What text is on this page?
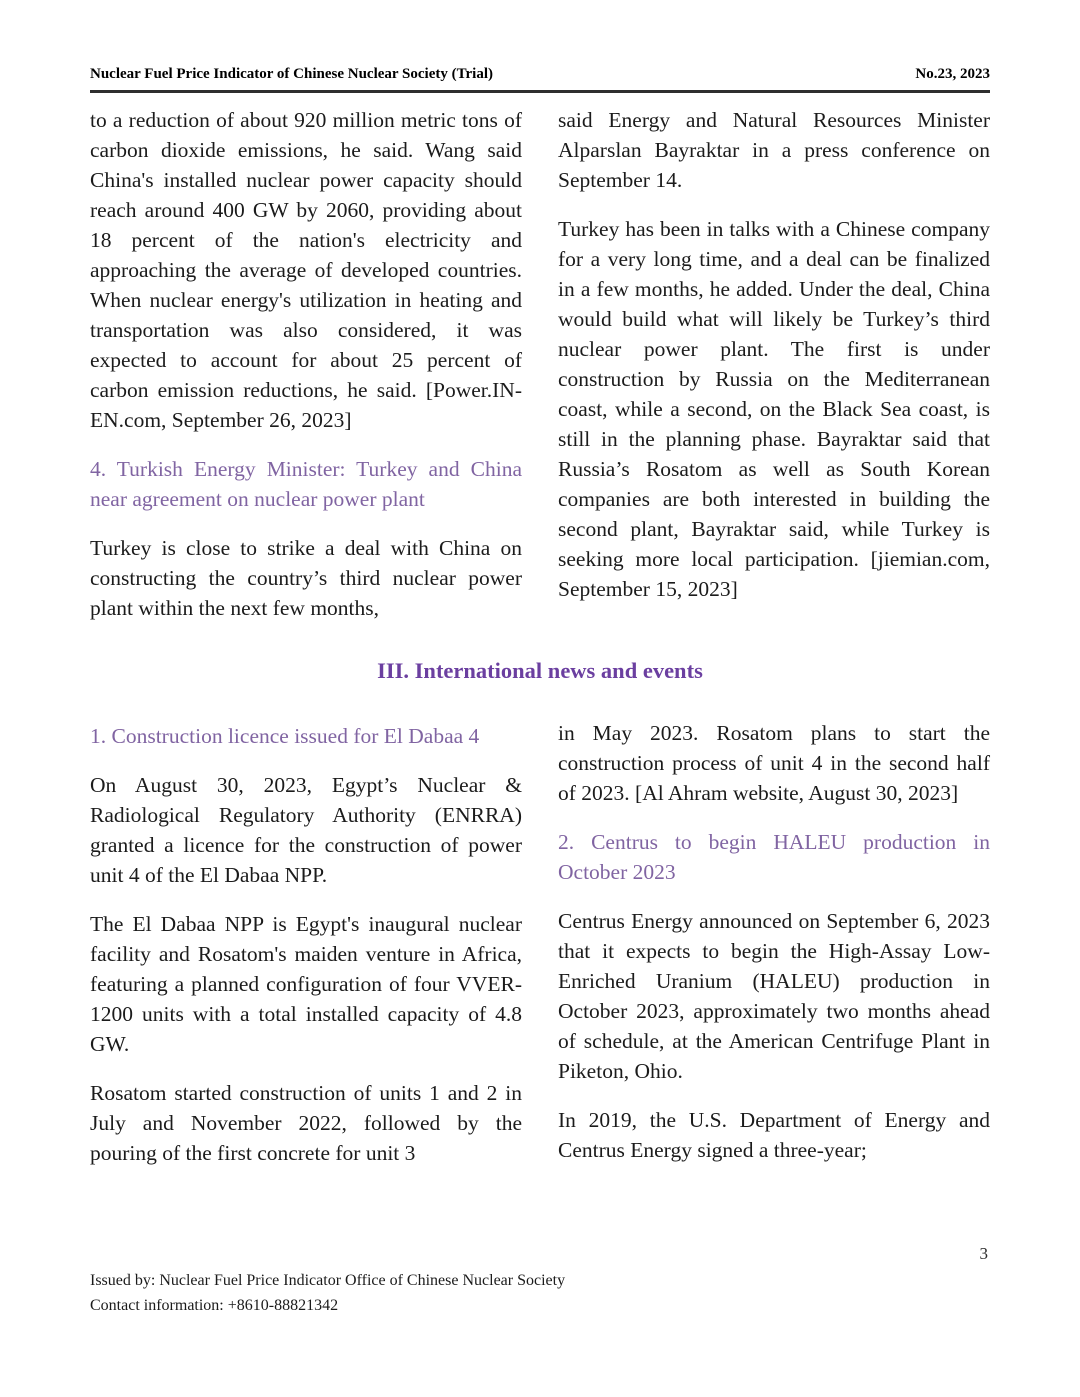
Nuclear Fuel Price Indicator of Chinese Nuclear Society (Trial)	No.23, 2023

to a reduction of about 920 million metric tons of carbon dioxide emissions, he said. Wang said China's installed nuclear power capacity should reach around 400 GW by 2060, providing about 18 percent of the nation's electricity and approaching the average of developed countries. When nuclear energy's utilization in heating and transportation was also considered, it was expected to account for about 25 percent of carbon emission reductions, he said. [Power.IN-EN.com, September 26, 2023]

4. Turkish Energy Minister: Turkey and China near agreement on nuclear power plant

Turkey is close to strike a deal with China on constructing the country’s third nuclear power plant within the next few months,

said Energy and Natural Resources Minister Alparslan Bayraktar in a press conference on September 14.

Turkey has been in talks with a Chinese company for a very long time, and a deal can be finalized in a few months, he added. Under the deal, China would build what will likely be Turkey’s third nuclear power plant. The first is under construction by Russia on the Mediterranean coast, while a second, on the Black Sea coast, is still in the planning phase. Bayraktar said that Russia’s Rosatom as well as South Korean companies are both interested in building the second plant, Bayraktar said, while Turkey is seeking more local participation. [jiemian.com, September 15, 2023]

III. International news and events

1. Construction licence issued for El Dabaa 4

On August 30, 2023, Egypt’s Nuclear & Radiological Regulatory Authority (ENRRA) granted a licence for the construction of power unit 4 of the El Dabaa NPP.

The El Dabaa NPP is Egypt's inaugural nuclear facility and Rosatom's maiden venture in Africa, featuring a planned configuration of four VVER-1200 units with a total installed capacity of 4.8 GW.

Rosatom started construction of units 1 and 2 in July and November 2022, followed by the pouring of the first concrete for unit 3

in May 2023. Rosatom plans to start the construction process of unit 4 in the second half of 2023. [Al Ahram website, August 30, 2023]

2. Centrus to begin HALEU production in October 2023

Centrus Energy announced on September 6, 2023 that it expects to begin the High-Assay Low-Enriched Uranium (HALEU) production in October 2023, approximately two months ahead of schedule, at the American Centrifuge Plant in Piketon, Ohio.

In 2019, the U.S. Department of Energy and Centrus Energy signed a three-year;

3
Issued by: Nuclear Fuel Price Indicator Office of Chinese Nuclear Society
Contact information: +8610-88821342
